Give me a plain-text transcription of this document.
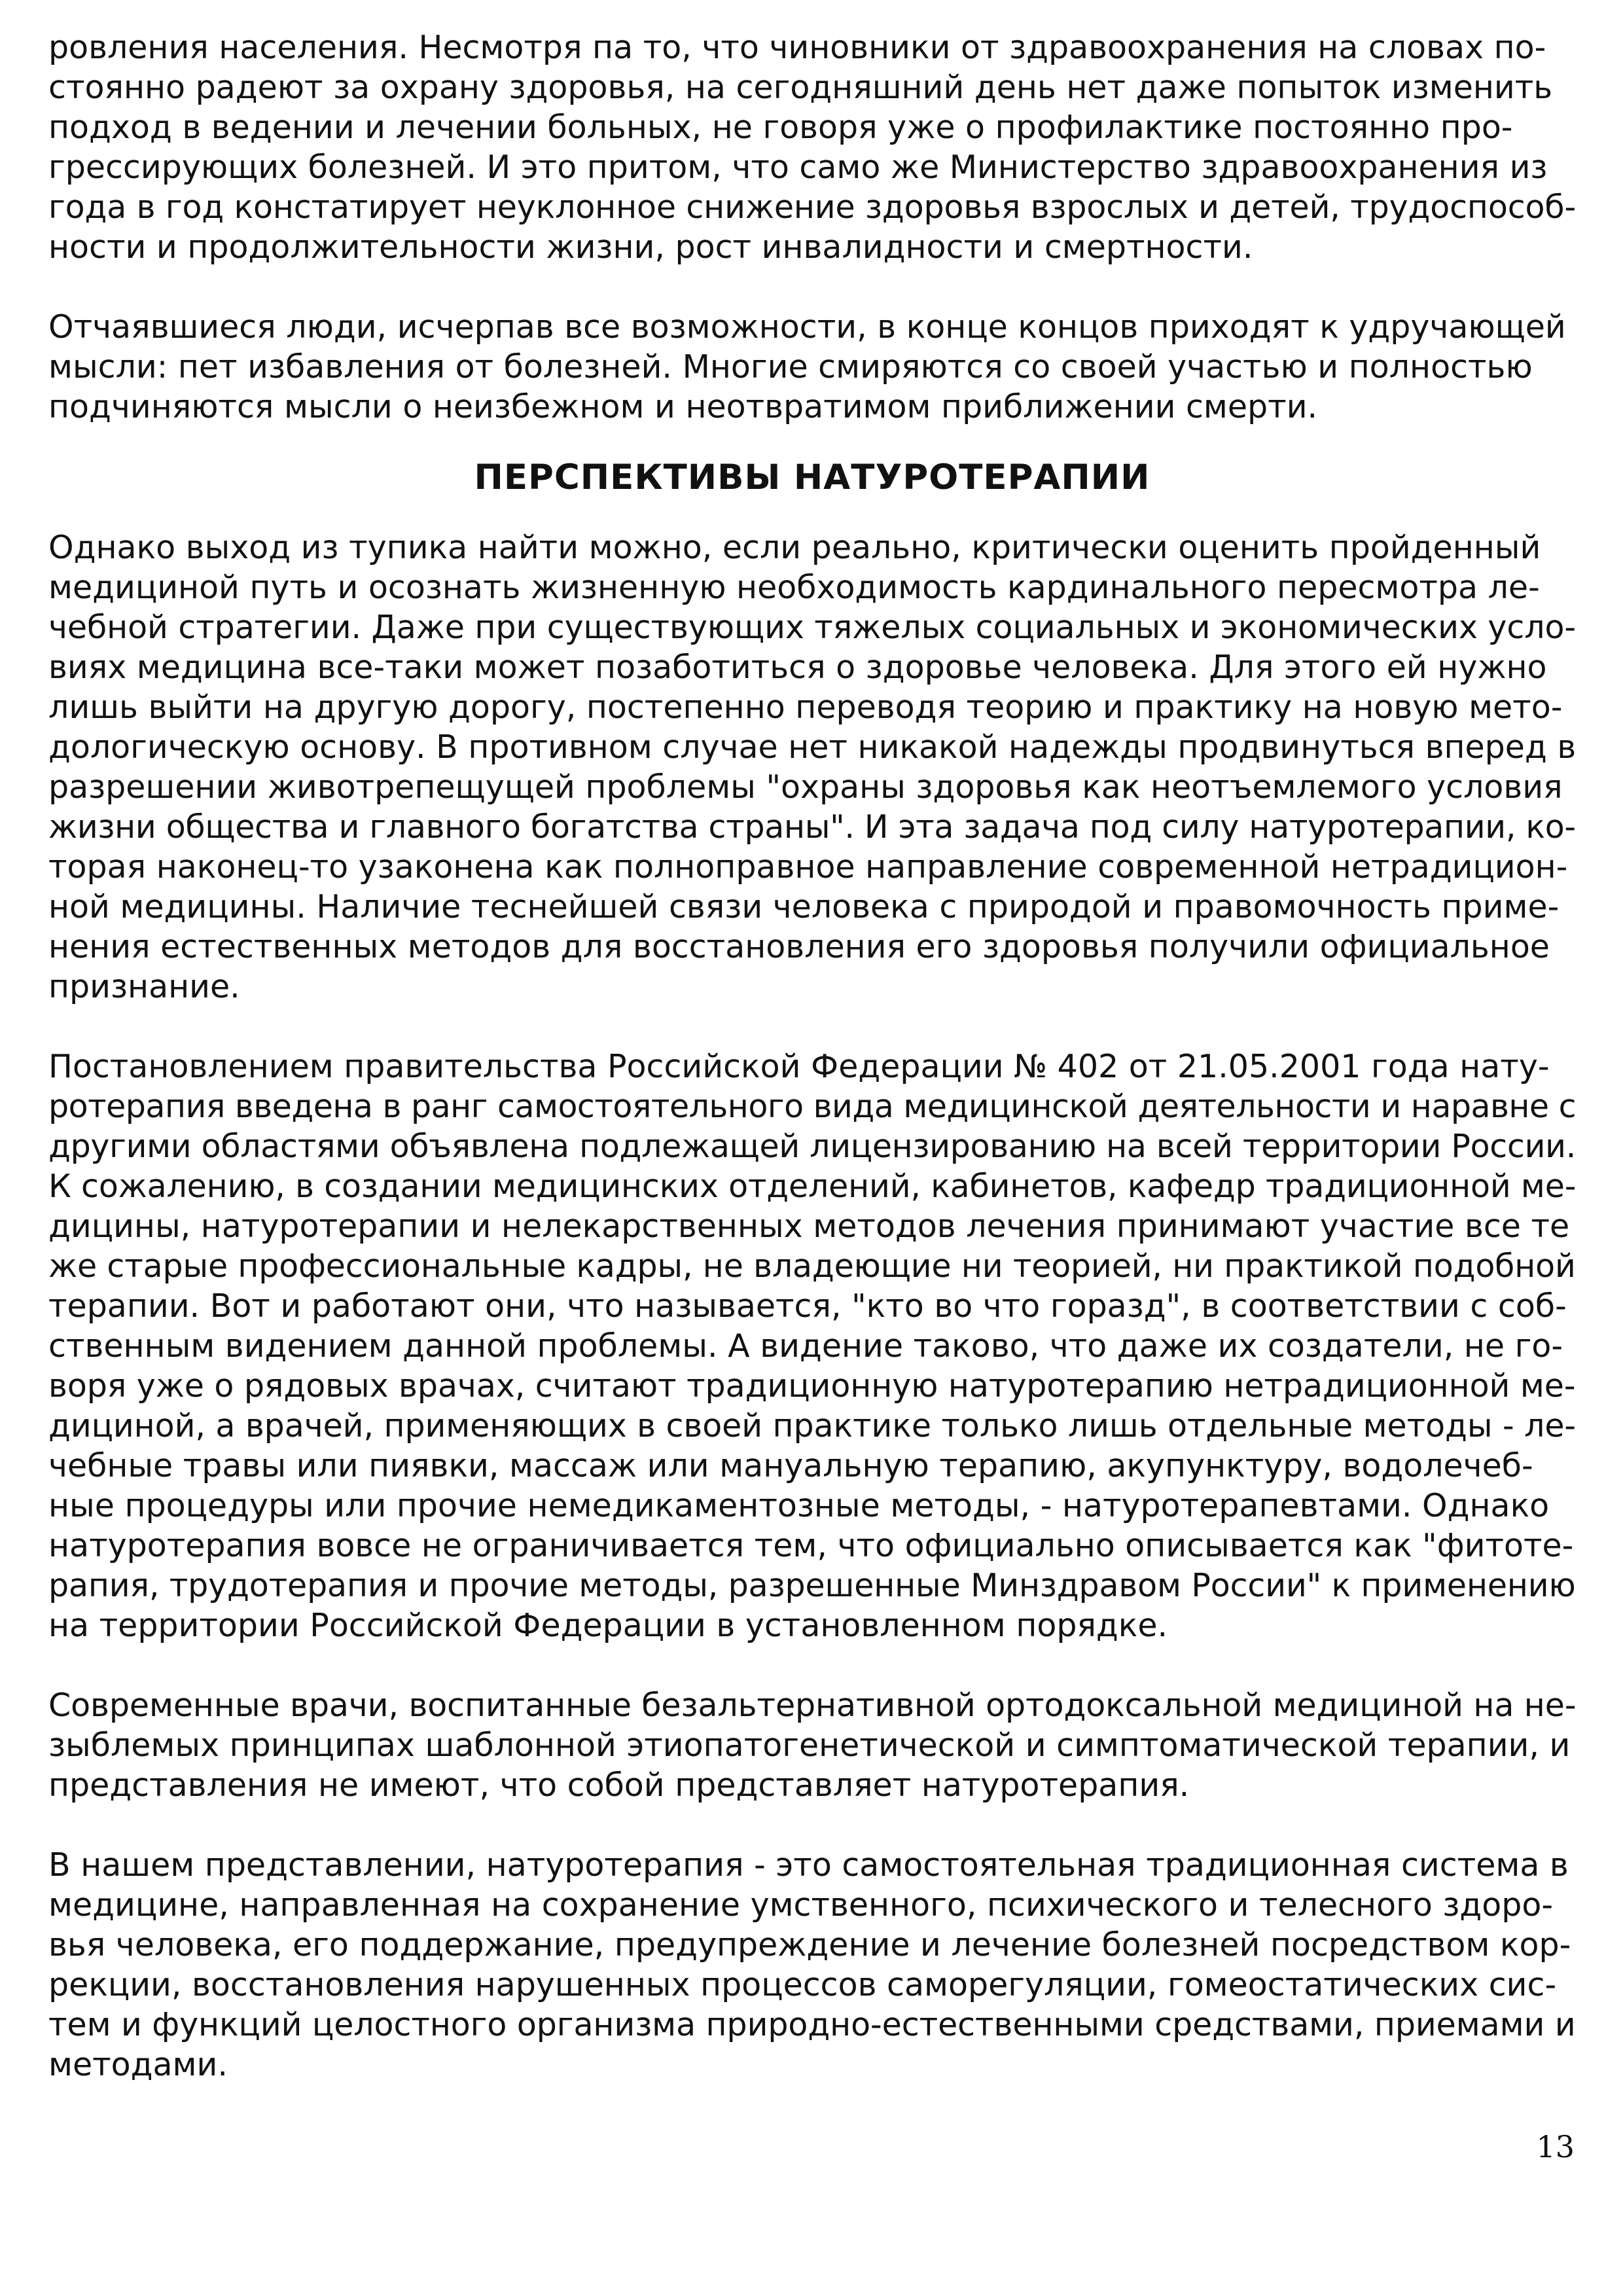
ровления населения. Несмотря па то, что чиновники от здравоохранения на словах по-
стоянно радеют за охрану здоровья, на сегодняшний день нет даже попыток изменить
подход в ведении и лечении больных, не говоря уже о профилактике постоянно про-
грессирующих болезней. И это притом, что само же Министерство здравоохранения из
года в год констатирует неуклонное снижение здоровья взрослых и детей, трудоспособ-
ности и продолжительности жизни, рост инвалидности и смертности.
Отчаявшиеся люди, исчерпав все возможности, в конце концов приходят к удручающей
мысли: пет избавления от болезней. Многие смиряются со своей участью и полностью
подчиняются мысли о неизбежном и неотвратимом приближении смерти.
ПЕРСПЕКТИВЫ НАТУРОТЕРАПИИ
Однако выход из тупика найти можно, если реально, критически оценить пройденный
медициной путь и осознать жизненную необходимость кардинального пересмотра ле-
чебной стратегии. Даже при существующих тяжелых социальных и экономических усло-
виях медицина все-таки может позаботиться о здоровье человека. Для этого ей нужно
лишь выйти на другую дорогу, постепенно переводя теорию и практику на новую мето-
дологическую основу. В противном случае нет никакой надежды продвинуться вперед в
разрешении животрепещущей проблемы "охраны здоровья как неотъемлемого условия
жизни общества и главного богатства страны". И эта задача под силу натуротерапии, ко-
торая наконец-то узаконена как полноправное направление современной нетрадицион-
ной медицины. Наличие теснейшей связи человека с природой и правомочность приме-
нения естественных методов для восстановления его здоровья получили официальное
признание.
Постановлением правительства Российской Федерации № 402 от 21.05.2001 года нату-
ротерапия введена в ранг самостоятельного вида медицинской деятельности и наравне с
другими областями объявлена подлежащей лицензированию на всей территории России.
К сожалению, в создании медицинских отделений, кабинетов, кафедр традиционной ме-
дицины, натуротерапии и нелекарственных методов лечения принимают участие все те
же старые профессиональные кадры, не владеющие ни теорией, ни практикой подобной
терапии. Вот и работают они, что называется, "кто во что горазд", в соответствии с соб-
ственным видением данной проблемы. А видение таково, что даже их создатели, не го-
воря уже о рядовых врачах, считают традиционную натуротерапию нетрадиционной ме-
дициной, а врачей, применяющих в своей практике только лишь отдельные методы - ле-
чебные травы или пиявки, массаж или мануальную терапию, акупунктуру, водолечеб-
ные процедуры или прочие немедикаментозные методы, - натуротерапевтами. Однако
натуротерапия вовсе не ограничивается тем, что официально описывается как "фитоте-
рапия, трудотерапия и прочие методы, разрешенные Минздравом России" к применению
на территории Российской Федерации в установленном порядке.
Современные врачи, воспитанные безальтернативной ортодоксальной медициной на не-
зыблемых принципах шаблонной этиопатогенетической и симптоматической терапии, и
представления не имеют, что собой представляет натуротерапия.
В нашем представлении, натуротерапия - это самостоятельная традиционная система в
медицине, направленная на сохранение умственного, психического и телесного здоро-
вья человека, его поддержание, предупреждение и лечение болезней посредством кор-
рекции, восстановления нарушенных процессов саморегуляции, гомеостатических сис-
тем и функций целостного организма природно-естественными средствами, приемами и
методами.
13
